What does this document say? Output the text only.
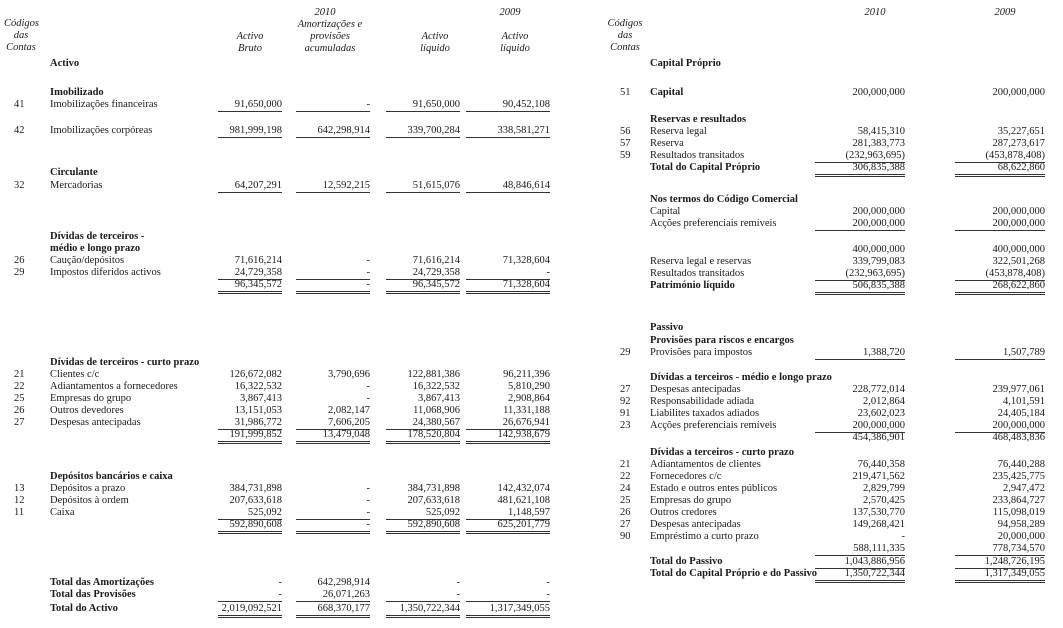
Códigos
das
Contas
2010	2009
Activo
Bruto
Amortizações e
provisões
acumuladas
Activo
líquido
Activo
líquido
Activo
Imobilizado
41 Imobilizações financeiras	91,650,000	-	91,650,000	90,452,108
42 Imobilizações corpóreas	981,999,198	642,298,914	339,700,284	338,581,271
Circulante
32 Mercadorias	64,207,291	12,592,215	51,615,076	48,846,614
Dívidas de terceiros -
médio e longo prazo
26 Caução/depósitos	71,616,214	-	71,616,214	71,328,604
29 Impostos diferidos activos	24,729,358	-	24,729,358	-
96,345,572	-	96,345,572	71,328,604
Dívidas de terceiros - curto prazo
21 Clientes c/c	126,672,082	3,790,696	122,881,386	96,211,396
22 Adiantamentos a fornecedores	16,322,532	-	16,322,532	5,810,290
25 Empresas do grupo	3,867,413	-	3,867,413	2,908,864
26 Outros devedores	13,151,053	2,082,147	11,068,906	11,331,188
27 Despesas antecipadas	31,986,772	7,606,205	24,380,567	26,676,941
191,999,852	13,479,048	178,520,804	142,938,679
Depósitos bancários e caixa
13 Depósitos a prazo	384,731,898	-	384,731,898	142,432,074
12 Depósitos à ordem	207,633,618	-	207,633,618	481,621,108
11 Caixa	525,092	-	525,092	1,148,597
592,890,608	-	592,890,608	625,201,779
Total das Amortizações	-	642,298,914	-	-
Total das Provisões	-	26,071,263	-	-
Total do Activo	2,019,092,521	668,370,177	1,350,722,344	1,317,349,055
Códigos
das
Contas
2010	2009
Capital Próprio
51 Capital	200,000,000	200,000,000
Reservas e resultados
56 Reserva legal	58,415,310	35,227,651
57 Reserva	281,383,773	287,273,617
59 Resultados transitados	(232,963,695)	(453,878,408)
Total do Capital Próprio	306,835,388	68,622,860
Nos termos do Código Comercial
Capital	200,000,000	200,000,000
Acções preferenciais remíveis	200,000,000	200,000,000
400,000,000	400,000,000
Reserva legal e reservas	339,799,083	322,501,268
Resultados transitados	(232,963,695)	(453,878,408)
Património líquido	506,835,388	268,622,860
Passivo
Provisões para riscos e encargos
29 Provisões para impostos	1,388,720	1,507,789
Dívidas a terceiros - médio e longo prazo
27 Despesas antecipadas	228,772,014	239,977,061
92 Responsabilidade adiada	2,012,864	4,101,591
91 Liabilites taxados adiados	23,602,023	24,405,184
23 Acções preferenciais remíveis	200,000,000	200,000,000
454,386,901	468,483,836
Dívidas a terceiros - curto prazo
21 Adiantamentos de clientes	76,440,358	76,440,288
22 Fornecedores c/c	219,471,562	235,425,775
24 Estado e outros entes públicos	2,829,799	2,947,472
25 Empresas do grupo	2,570,425	233,864,727
26 Outros credores	137,530,770	115,098,019
27 Despesas antecipadas	149,268,421	94,958,289
90 Empréstimo a curto prazo	-	20,000,000
588,111,335	778,734,570
Total do Passivo	1,043,886,956	1,248,726,195
Total do Capital Próprio e do Passivo	1,350,722,344	1,317,349,055
